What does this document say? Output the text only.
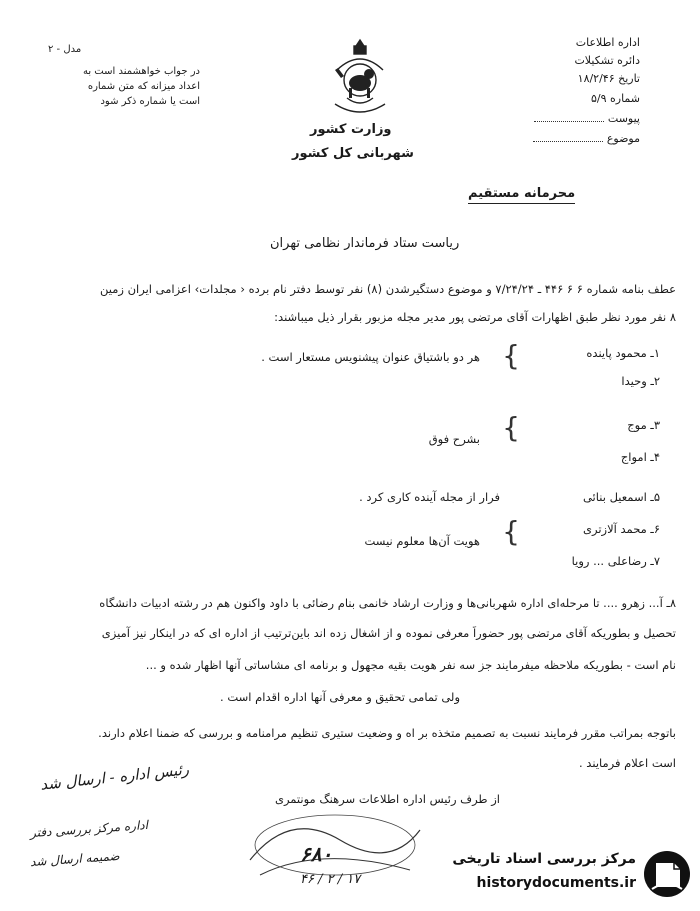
اداره اطلاعات
دائره تشکیلات
تاریخ ۱۸/۲/۴۶
شماره ۵/۹
پیوست
موضوع
مدل - ۲
در جواب خواهشمند است به
اعداد میزانه که متن شماره
است یا شماره ذکر شود
وزارت کشور
شهربانی کل کشور
محرمانه مستقیم
ریاست ستاد فرماندار نظامی تهران
عطف بنامه شماره ۶ ۶ ۴۴۶ ـ ۷/۲۴/۲۴ و موضوع دستگیرشدن (۸) نفر توسط دفتر نام برده ‹ مجلدات› اعزامی ایران زمین
۸ نفر مورد نظر طبق اظهارات آقای مرتضی پور مدیر مجله مزبور بقرار ذیل میباشند:
۱ـ محمود پاینده
۲ـ وحیدا
}
هر دو باشتیاق عنوان پیشنویس مستعار است .
۳ـ موج
۴ـ امواج
}
بشرح فوق
۵ـ اسمعیل بنائی
فرار از مجله آینده کاری کرد .
۶ـ محمد آلازتری
۷ـ رضاعلی ... رویا
}
هویت آن‌ها معلوم نیست
۸ـ آ... زهرو .... تا مرحله‌ای اداره شهربانی‌ها و وزارت ارشاد خانمی بنام رضائی با داود واکنون هم در رشته ادبیات دانشگاه
تحصیل و بطوریکه آقای مرتضی پور حضور‌اً معرفی نموده و از اشغال زده اند باین‌ترتیب از اداره ای که در اینکار نیز آمیزی
نام است - بطوریکه ملاحظه میفرمایند جز سه نفر هویت بقیه مجهول و برنامه ای مشاساتی آنها اظهار شده و ...
ولی تمامی تحقیق و معرفی آنها اداره اقدام است .
باتوجه بمراتب مقرر فرمایند نسبت به تصمیم متخذه بر اه و وضعیت ستیری تنظیم مرامنامه و بررسی که ضمنا اعلام دارند.
است اعلام فرمایند .
از طرف رئیس اداره اطلاعات سرهنگ مونتمری
رئیس اداره - ارسال شد
اداره مرکز بررسی دفتر
ضمیمه ارسال شد	۶۸۰
۱۷ / ۲ / ۴۶
مرکز بررسی اسناد تاریخی
historydocuments.ir
